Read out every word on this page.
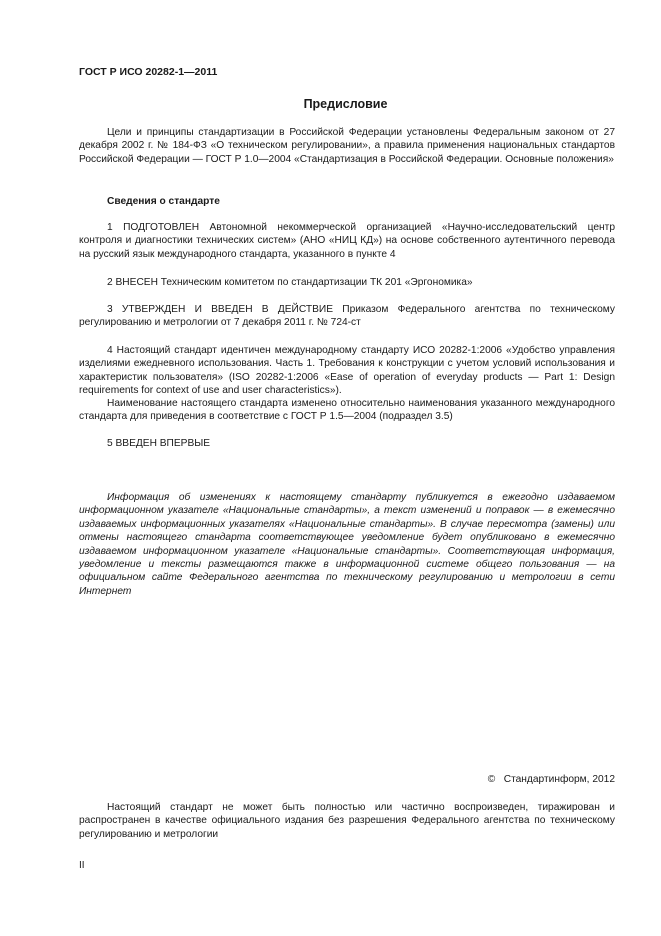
ГОСТ Р ИСО 20282-1—2011
Предисловие
Цели и принципы стандартизации в Российской Федерации установлены Федеральным законом от 27 декабря 2002 г. № 184-ФЗ «О техническом регулировании», а правила применения национальных стандартов Российской Федерации — ГОСТ Р 1.0—2004 «Стандартизация в Российской Федерации. Основные положения»
Сведения о стандарте
1 ПОДГОТОВЛЕН Автономной некоммерческой организацией «Научно-исследовательский центр контроля и диагностики технических систем» (АНО «НИЦ КД») на основе собственного аутентичного перевода на русский язык международного стандарта, указанного в пункте 4
2 ВНЕСЕН Техническим комитетом по стандартизации ТК 201 «Эргономика»
3 УТВЕРЖДЕН И ВВЕДЕН В ДЕЙСТВИЕ Приказом Федерального агентства по техническому регулированию и метрологии от 7 декабря 2011 г. № 724-ст
4 Настоящий стандарт идентичен международному стандарту ИСО 20282-1:2006 «Удобство управления изделиями ежедневного использования. Часть 1. Требования к конструкции с учетом условий использования и характеристик пользователя» (ISO 20282-1:2006 «Ease of operation of everyday products — Part 1: Design requirements for context of use and user characteristics»).
Наименование настоящего стандарта изменено относительно наименования указанного международного стандарта для приведения в соответствие с ГОСТ Р 1.5—2004 (подраздел 3.5)
5 ВВЕДЕН ВПЕРВЫЕ
Информация об изменениях к настоящему стандарту публикуется в ежегодно издаваемом информационном указателе «Национальные стандарты», а текст изменений и поправок — в ежемесячно издаваемых информационных указателях «Национальные стандарты». В случае пересмотра (замены) или отмены настоящего стандарта соответствующее уведомление будет опубликовано в ежемесячно издаваемом информационном указателе «Национальные стандарты». Соответствующая информация, уведомление и тексты размещаются также в информационной системе общего пользования — на официальном сайте Федерального агентства по техническому регулированию и метрологии в сети Интернет
©   Стандартинформ, 2012
Настоящий стандарт не может быть полностью или частично воспроизведен, тиражирован и распространен в качестве официального издания без разрешения Федерального агентства по техническому регулированию и метрологии
II
